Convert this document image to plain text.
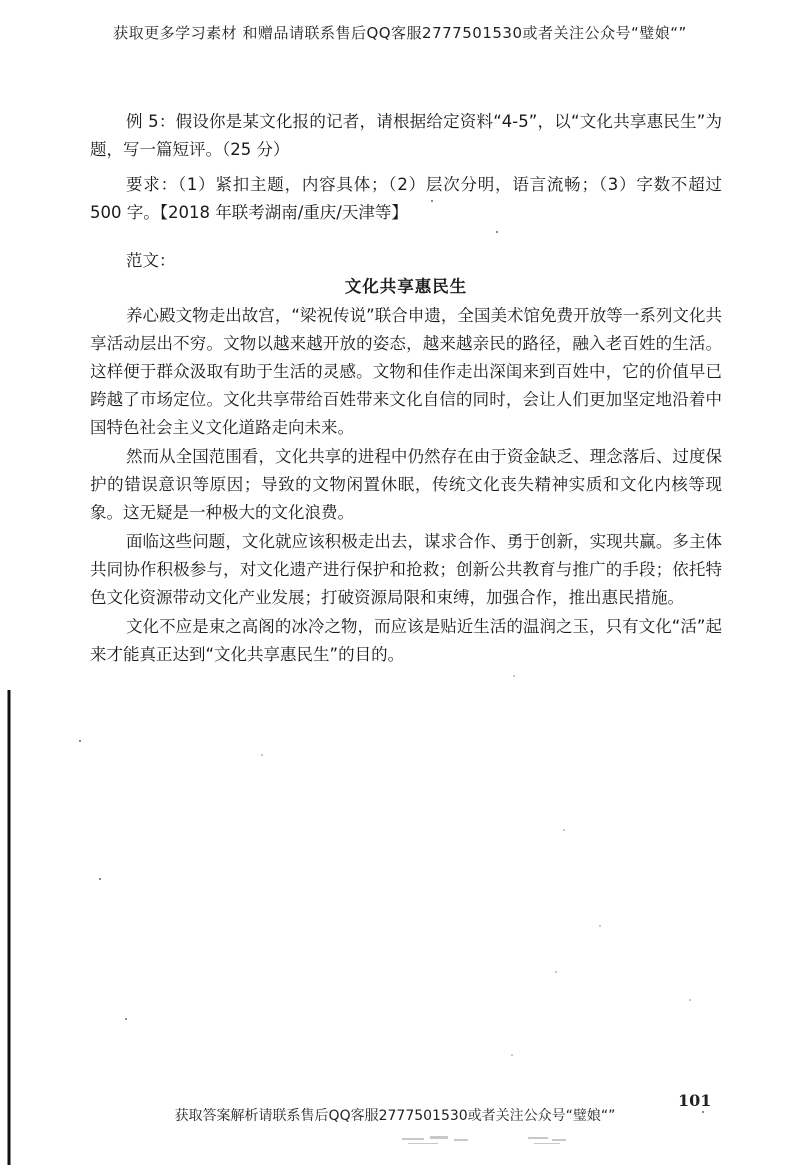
获取更多学习素材 和赠品请联系售后QQ客服2777501530或者关注公众号“璧娘“”

例 5：假设你是某文化报的记者，请根据给定资料“4-5”，以“文化共享惠民生”为题，写一篇短评。（25 分）

要求：（1）紧扣主题，内容具体；（2）层次分明，语言流畅；（3）字数不超过 500 字。【2018 年联考湖南/重庆/天津等】

范文：

文化共享惠民生

养心殿文物走出故宫，“梁祝传说”联合申遗，全国美术馆免费开放等一系列文化共享活动层出不穷。文物以越来越开放的姿态，越来越亲民的路径，融入老百姓的生活。这样便于群众汲取有助于生活的灵感。文物和佳作走出深闺来到百姓中，它的价值早已跨越了市场定位。文化共享带给百姓带来文化自信的同时，会让人们更加坚定地沿着中国特色社会主义文化道路走向未来。

然而从全国范围看，文化共享的进程中仍然存在由于资金缺乏、理念落后、过度保护的错误意识等原因；导致的文物闲置休眠，传统文化丧失精神实质和文化内核等现象。这无疑是一种极大的文化浪费。

面临这些问题，文化就应该积极走出去，谋求合作、勇于创新，实现共赢。多主体共同协作积极参与，对文化遗产进行保护和抢救；创新公共教育与推广的手段；依托特色文化资源带动文化产业发展；打破资源局限和束缚，加强合作，推出惠民措施。

文化不应是束之高阁的冰冷之物，而应该是贴近生活的温润之玉，只有文化“活”起来才能真正达到“文化共享惠民生”的目的。

101
获取答案解析请联系售后QQ客服2777501530或者关注公众号“璧娘“”
